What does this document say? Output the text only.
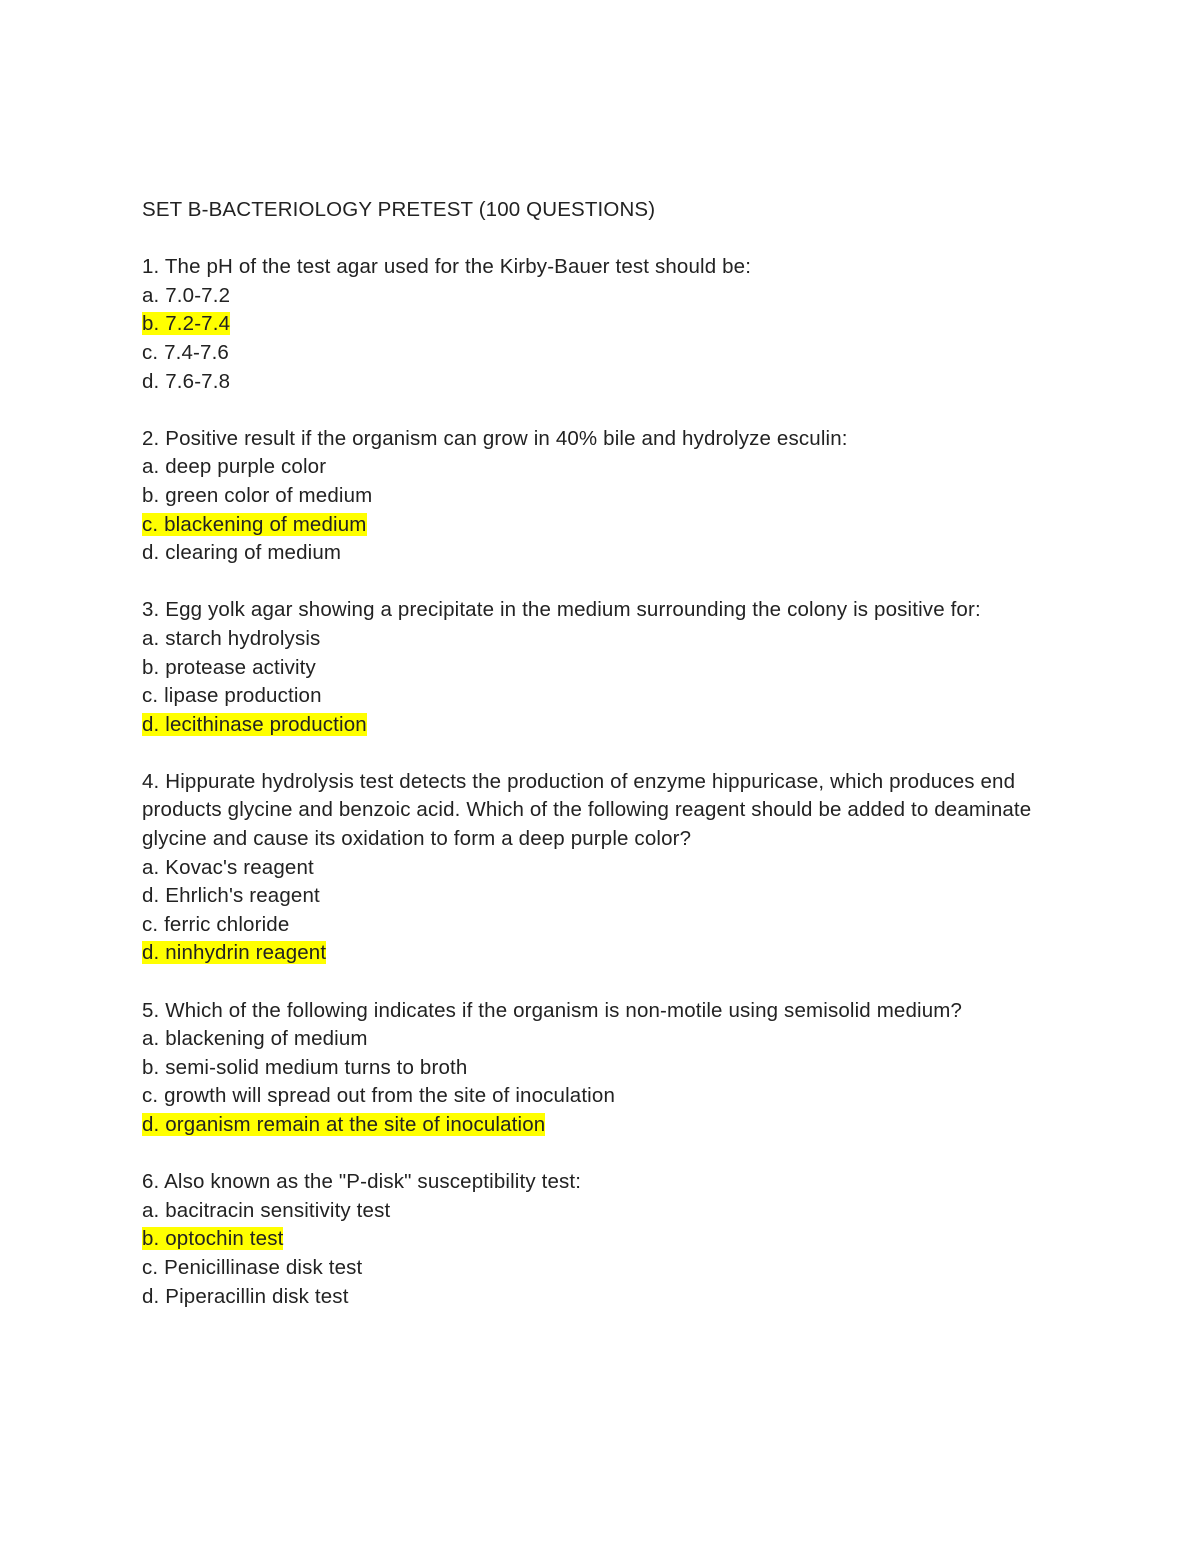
SET B-BACTERIOLOGY PRETEST (100 QUESTIONS)
1. The pH of the test agar used for the Kirby-Bauer test should be:
a. 7.0-7.2
b. 7.2-7.4
c. 7.4-7.6
d. 7.6-7.8
2. Positive result if the organism can grow in 40% bile and hydrolyze esculin:
a. deep purple color
b. green color of medium
c. blackening of medium
d. clearing of medium
3. Egg yolk agar showing a precipitate in the medium surrounding the colony is positive for:
a. starch hydrolysis
b. protease activity
c. lipase production
d. lecithinase production
4. Hippurate hydrolysis test detects the production of enzyme hippuricase, which produces end products glycine and benzoic acid. Which of the following reagent should be added to deaminate glycine and cause its oxidation to form a deep purple color?
a. Kovac's reagent
d. Ehrlich's reagent
c. ferric chloride
d. ninhydrin reagent
5. Which of the following indicates if the organism is non-motile using semisolid medium?
a. blackening of medium
b. semi-solid medium turns to broth
c. growth will spread out from the site of inoculation
d. organism remain at the site of inoculation
6. Also known as the "P-disk" susceptibility test:
a. bacitracin sensitivity test
b. optochin test
c. Penicillinase disk test
d. Piperacillin disk test
